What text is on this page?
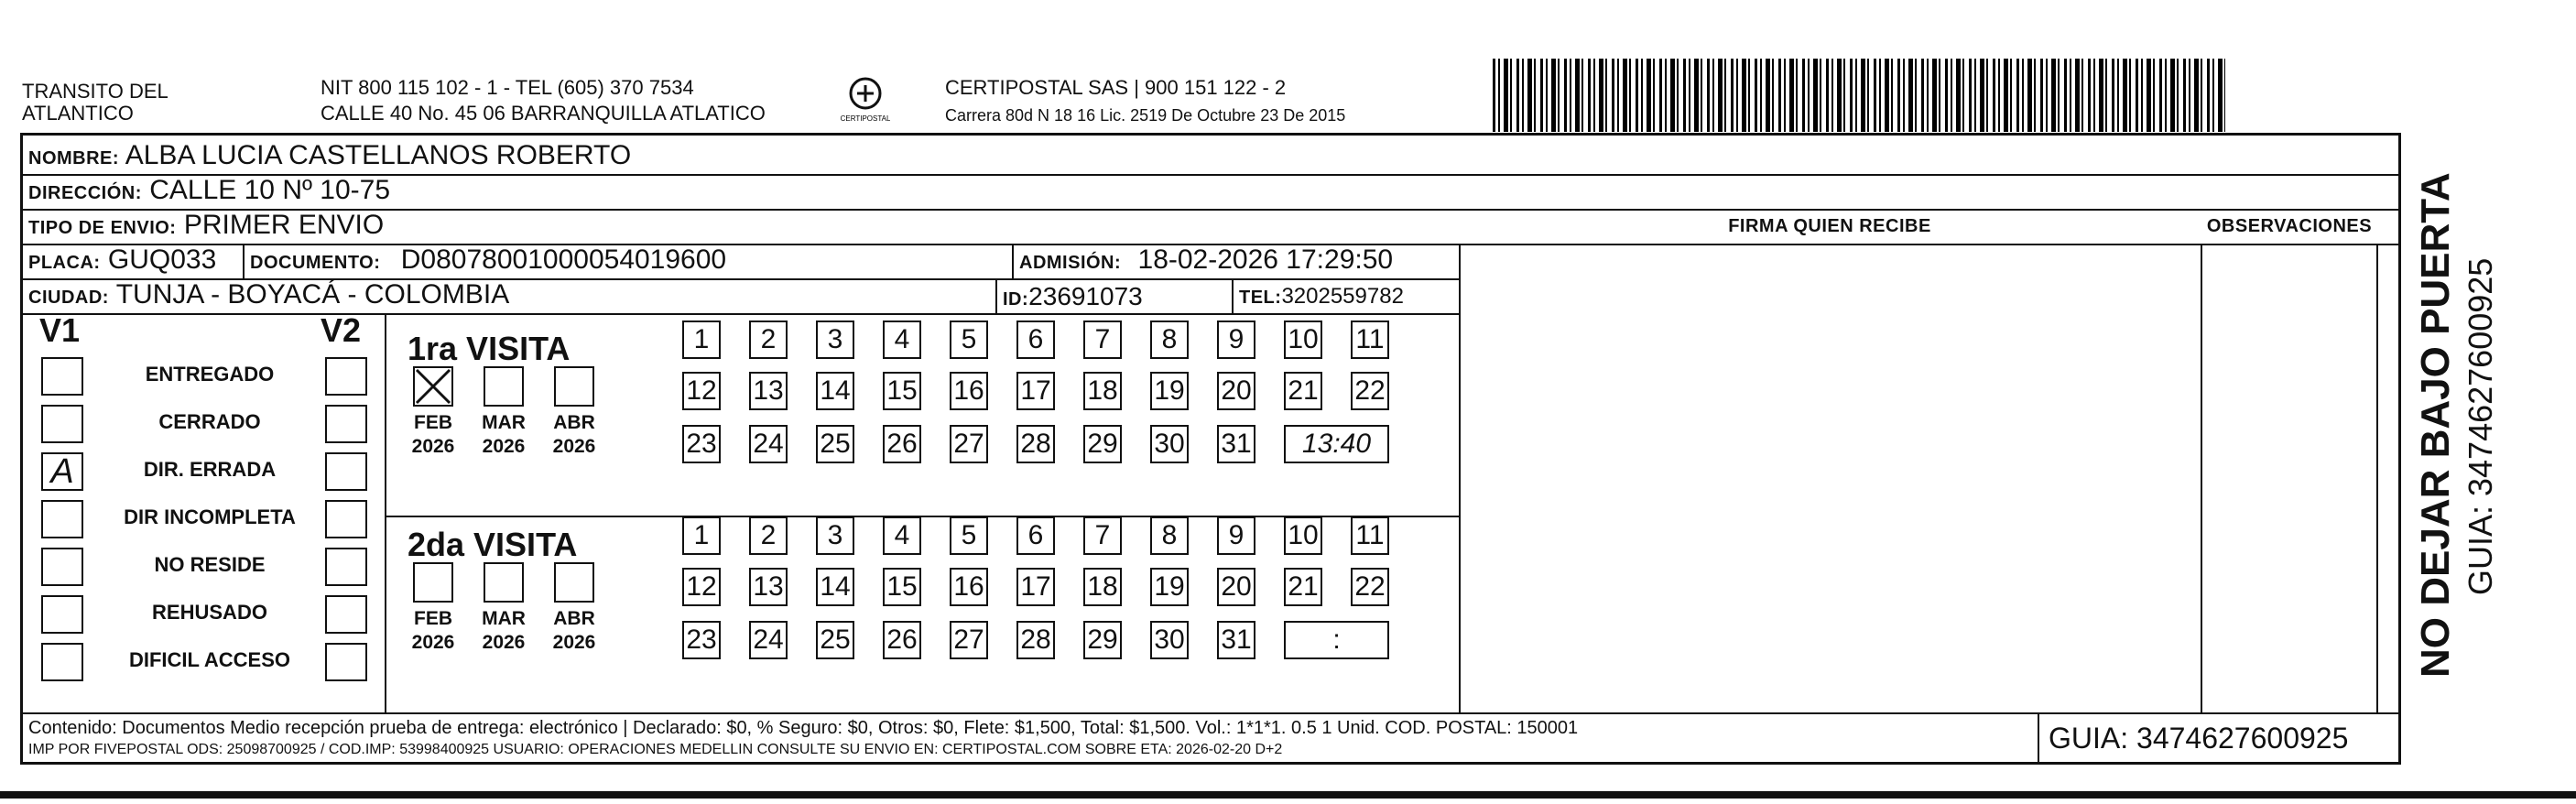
TRANSITO DEL
ATLANTICO
NIT 800 115 102 - 1 - TEL (605) 370 7534
CALLE 40 No. 45 06 BARRANQUILLA ATLATICO	CERTIPOSTAL
CERTIPOSTAL SAS | 900 151 122 - 2
Carrera 80d N 18 16 Lic. 2519 De Octubre 23 De 2015
NOMBRE: ALBA LUCIA CASTELLANOS ROBERTO
DIRECCIÓN: CALLE 10 Nº 10-75
TIPO DE ENVIO: PRIMER ENVIO	FIRMA QUIEN RECIBE	OBSERVACIONES
PLACA: GUQ033 DOCUMENTO: D08078001000054019600	ADMISIÓN: 18-02-2026 17:29:50
CIUDAD: TUNJA - BOYACÁ - COLOMBIA	ID:23691073	TEL:3202559782
V1	V2 1ra VISITA
2da VISITA
Contenido: Documentos Medio recepción prueba de entrega: electrónico | Declarado: $0, % Seguro: $0, Otros: $0, Flete: $1,500, Total: $1,500. Vol.: 1*1*1. 0.5 1 Unid. COD. POSTAL: 150001
IMP POR FIVEPOSTAL ODS: 25098700925 / COD.IMP: 53998400925 USUARIO: OPERACIONES MEDELLIN CONSULTE SU ENVIO EN: CERTIPOSTAL.COM SOBRE ETA: 2026-02-20 D+2	GUIA: 3474627600925
ENTREGADO
CERRADO
A	DIR. ERRADA
DIR INCOMPLETA
NO RESIDE
REHUSADO
DIFICIL ACCESO
FEB
2026
MAR
2026
ABR
2026
1	2	3	4	5	6	7	8	9	10 11
12 13 14 15 16 17 18 19 20 21 22
23 24 25 26 27 28 29 30 31	13:40
FEB
2026
MAR
2026
ABR
2026
1	2	3	4	5	6	7	8	9	10 11
12 13 14 15 16 17 18 19 20 21 22
23 24 25 26 27 28 29 30 31	:	NO DEJAR BAJO PUERTA GUIA: 3474627600925
